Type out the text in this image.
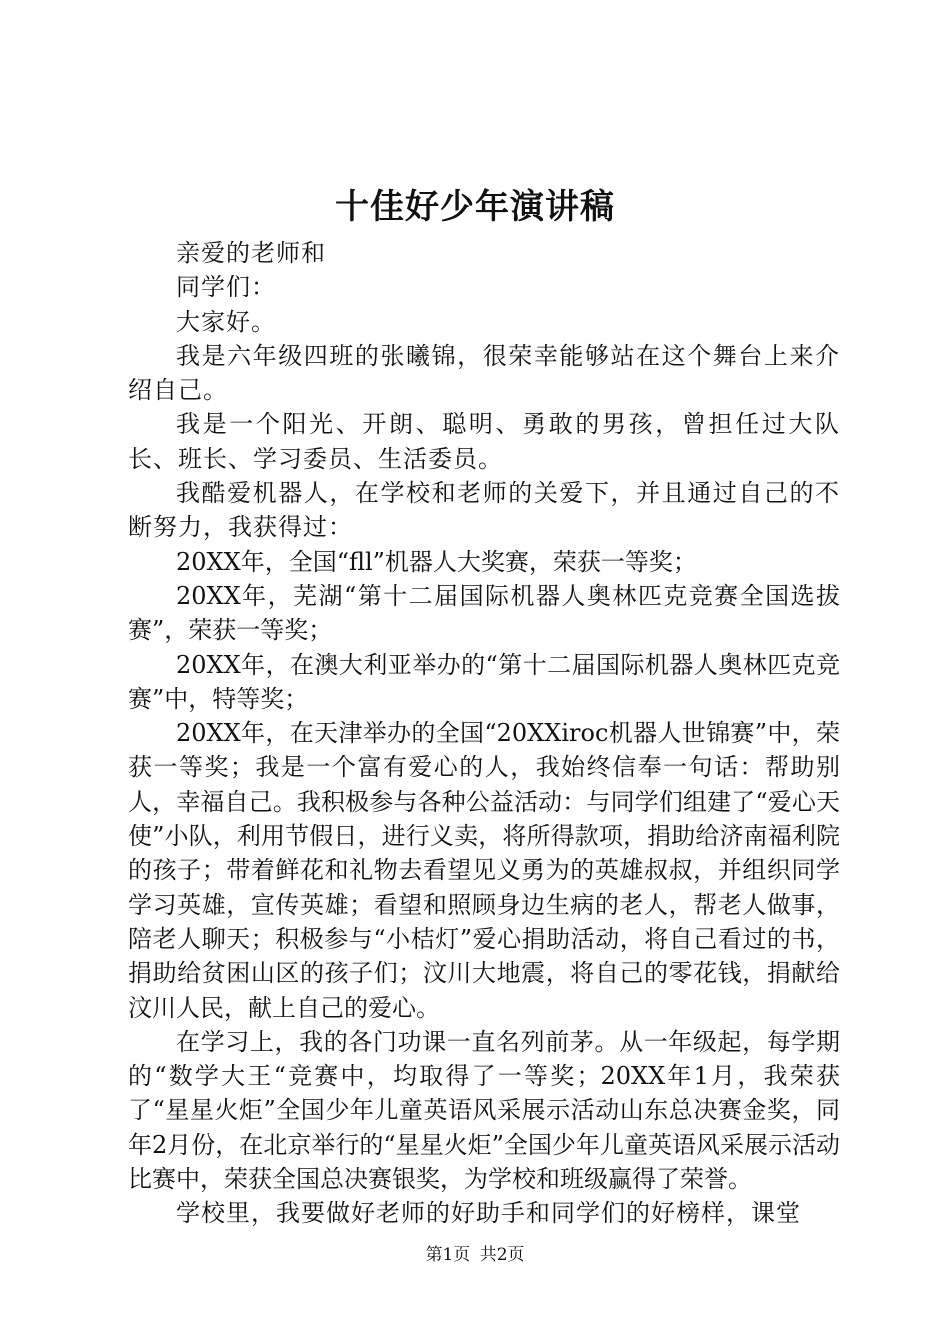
十佳好少年演讲稿

亲爱的老师和

同学们：

大家好。

我是六年级四班的张曦锦，很荣幸能够站在这个舞台上来介绍自己。

我是一个阳光、开朗、聪明、勇敢的男孩，曾担任过大队长、班长、学习委员、生活委员。

我酷爱机器人，在学校和老师的关爱下，并且通过自己的不断努力，我获得过：

20XX年，全国“fll”机器人大奖赛，荣获一等奖；

20XX年，芜湖“第十二届国际机器人奥林匹克竞赛全国选拔赛”，荣获一等奖；

20XX年，在澳大利亚举办的“第十二届国际机器人奥林匹克竞赛”中，特等奖；

20XX年，在天津举办的全国“20XXiroc机器人世锦赛”中，荣获一等奖；我是一个富有爱心的人，我始终信奉一句话：帮助别人，幸福自己。我积极参与各种公益活动：与同学们组建了“爱心天使”小队，利用节假日，进行义卖，将所得款项，捐助给济南福利院的孩子；带着鲜花和礼物去看望见义勇为的英雄叔叔，并组织同学学习英雄，宣传英雄；看望和照顾身边生病的老人，帮老人做事，陪老人聊天；积极参与“小桔灯”爱心捐助活动，将自己看过的书，捐助给贫困山区的孩子们；汶川大地震，将自己的零花钱，捐献给汶川人民，献上自己的爱心。

在学习上，我的各门功课一直名列前茅。从一年级起，每学期的“数学大王“竞赛中，均取得了一等奖；20XX年1月，我荣获了“星星火炬”全国少年儿童英语风采展示活动山东总决赛金奖，同年2月份，在北京举行的“星星火炬”全国少年儿童英语风采展示活动比赛中，荣获全国总决赛银奖，为学校和班级赢得了荣誉。

学校里，我要做好老师的好助手和同学们的好榜样，课堂

第1页 共2页
